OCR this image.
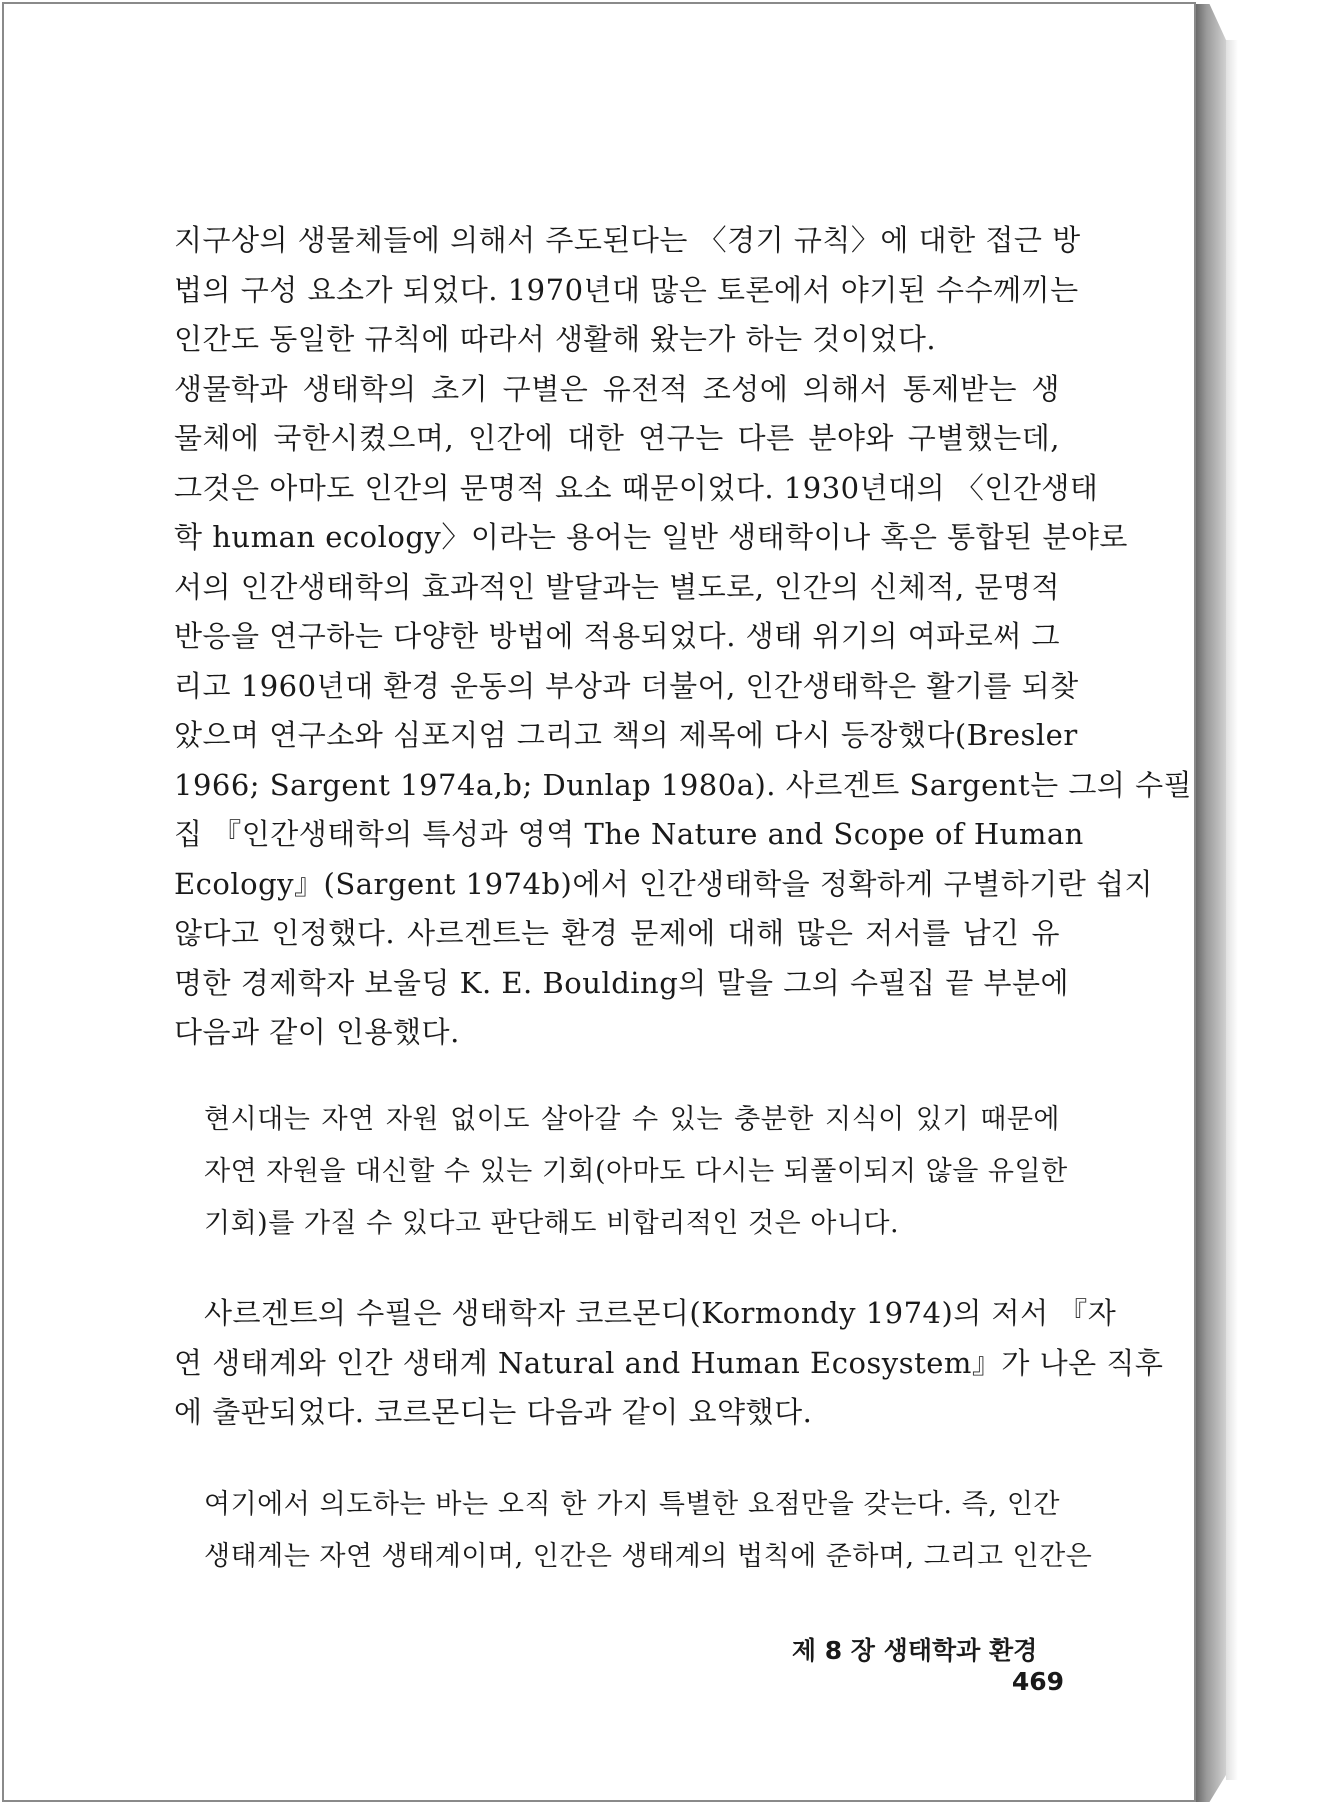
지구상의 생물체들에 의해서 주도된다는 〈경기 규칙〉에 대한 접근 방
법의 구성 요소가 되었다. 1970년대 많은 토론에서 야기된 수수께끼는
인간도 동일한 규칙에 따라서 생활해 왔는가 하는 것이었다.
생물학과 생태학의 초기 구별은 유전적 조성에 의해서 통제받는 생
물체에 국한시켰으며, 인간에 대한 연구는 다른 분야와 구별했는데,
그것은 아마도 인간의 문명적 요소 때문이었다. 1930년대의 〈인간생태
학 human ecology〉이라는 용어는 일반 생태학이나 혹은 통합된 분야로
서의 인간생태학의 효과적인 발달과는 별도로, 인간의 신체적, 문명적
반응을 연구하는 다양한 방법에 적용되었다. 생태 위기의 여파로써 그
리고 1960년대 환경 운동의 부상과 더불어, 인간생태학은 활기를 되찾
았으며 연구소와 심포지엄 그리고 책의 제목에 다시 등장했다(Bresler
1966; Sargent 1974a,b; Dunlap 1980a). 사르겐트 Sargent는 그의 수필
집 『인간생태학의 특성과 영역 The Nature and Scope of Human
Ecology』(Sargent 1974b)에서 인간생태학을 정확하게 구별하기란 쉽지
않다고 인정했다. 사르겐트는 환경 문제에 대해 많은 저서를 남긴 유
명한 경제학자 보울딩 K. E. Boulding의 말을 그의 수필집 끝 부분에
다음과 같이 인용했다.
현시대는 자연 자원 없이도 살아갈 수 있는 충분한 지식이 있기 때문에
자연 자원을 대신할 수 있는 기회(아마도 다시는 되풀이되지 않을 유일한
기회)를 가질 수 있다고 판단해도 비합리적인 것은 아니다.
사르겐트의 수필은 생태학자 코르몬디(Kormondy 1974)의 저서 『자
연 생태계와 인간 생태계 Natural and Human Ecosystem』가 나온 직후
에 출판되었다. 코르몬디는 다음과 같이 요약했다.
여기에서 의도하는 바는 오직 한 가지 특별한 요점만을 갖는다. 즉, 인간
생태계는 자연 생태계이며, 인간은 생태계의 법칙에 준하며, 그리고 인간은
제 8 장 생태학과 환경  469
